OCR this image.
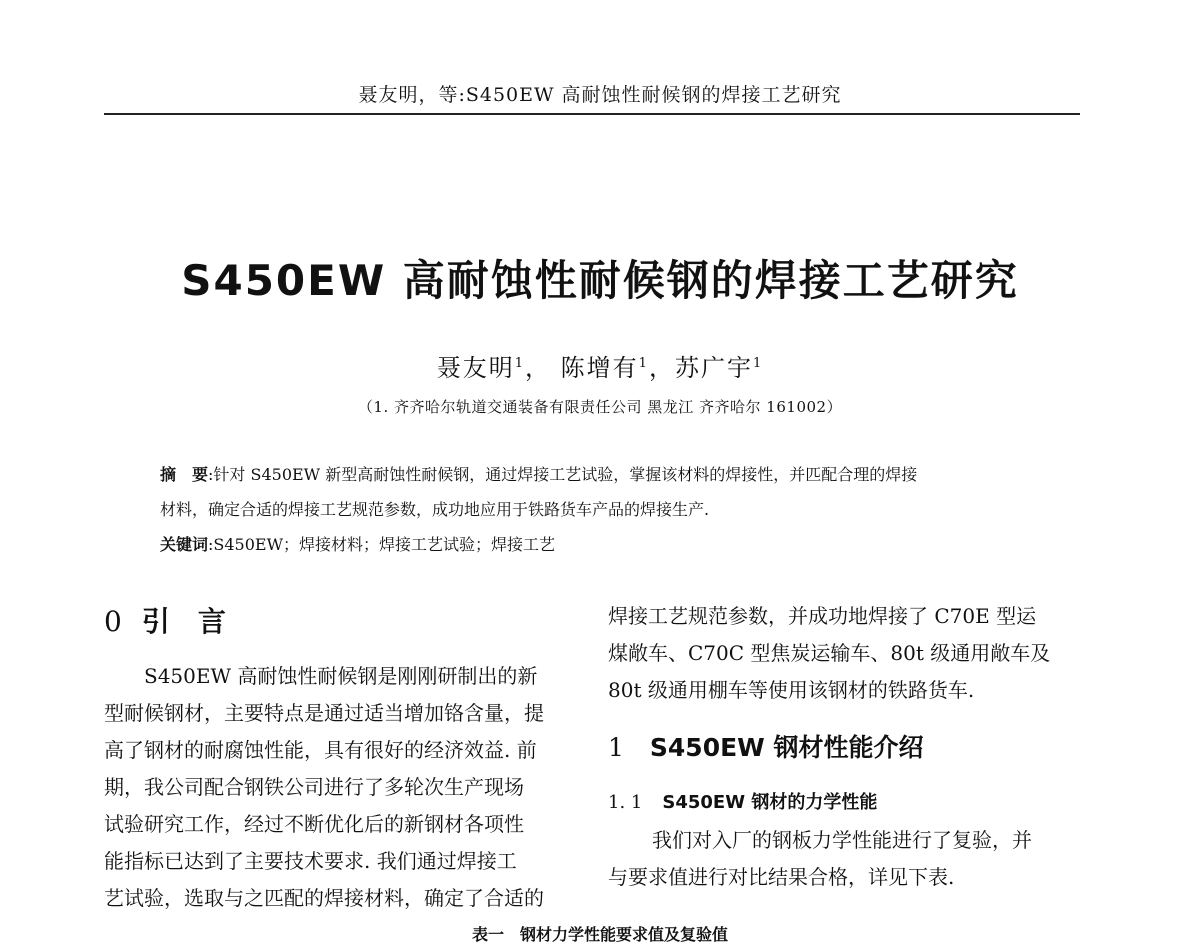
聂友明，等:S450EW 高耐蚀性耐候钢的焊接工艺研究
S450EW 高耐蚀性耐候钢的焊接工艺研究
聂友明$^1$， 陈增有$^1$，苏广宇$^1$
（1. 齐齐哈尔轨道交通装备有限责任公司 黑龙江 齐齐哈尔 161002）
摘　要:针对 S450EW 新型高耐蚀性耐候钢，通过焊接工艺试验，掌握该材料的焊接性，并匹配合理的焊接
材料，确定合适的焊接工艺规范参数，成功地应用于铁路货车产品的焊接生产.
关键词:S450EW；焊接材料；焊接工艺试验；焊接工艺
0 引　言
S450EW 高耐蚀性耐候钢是刚刚研制出的新
型耐候钢材，主要特点是通过适当增加铬含量，提
高了钢材的耐腐蚀性能，具有很好的经济效益. 前
期，我公司配合钢铁公司进行了多轮次生产现场
试验研究工作，经过不断优化后的新钢材各项性
能指标已达到了主要技术要求. 我们通过焊接工
艺试验，选取与之匹配的焊接材料，确定了合适的
焊接工艺规范参数，并成功地焊接了 C70E 型运
煤敞车、C70C 型焦炭运输车、80t 级通用敞车及
80t 级通用棚车等使用该钢材的铁路货车.
1 S450EW 钢材性能介绍
1. 1 S450EW 钢材的力学性能
我们对入厂的钢板力学性能进行了复验，并
与要求值进行对比结果合格，详见下表.
表一　钢材力学性能要求值及复验值
